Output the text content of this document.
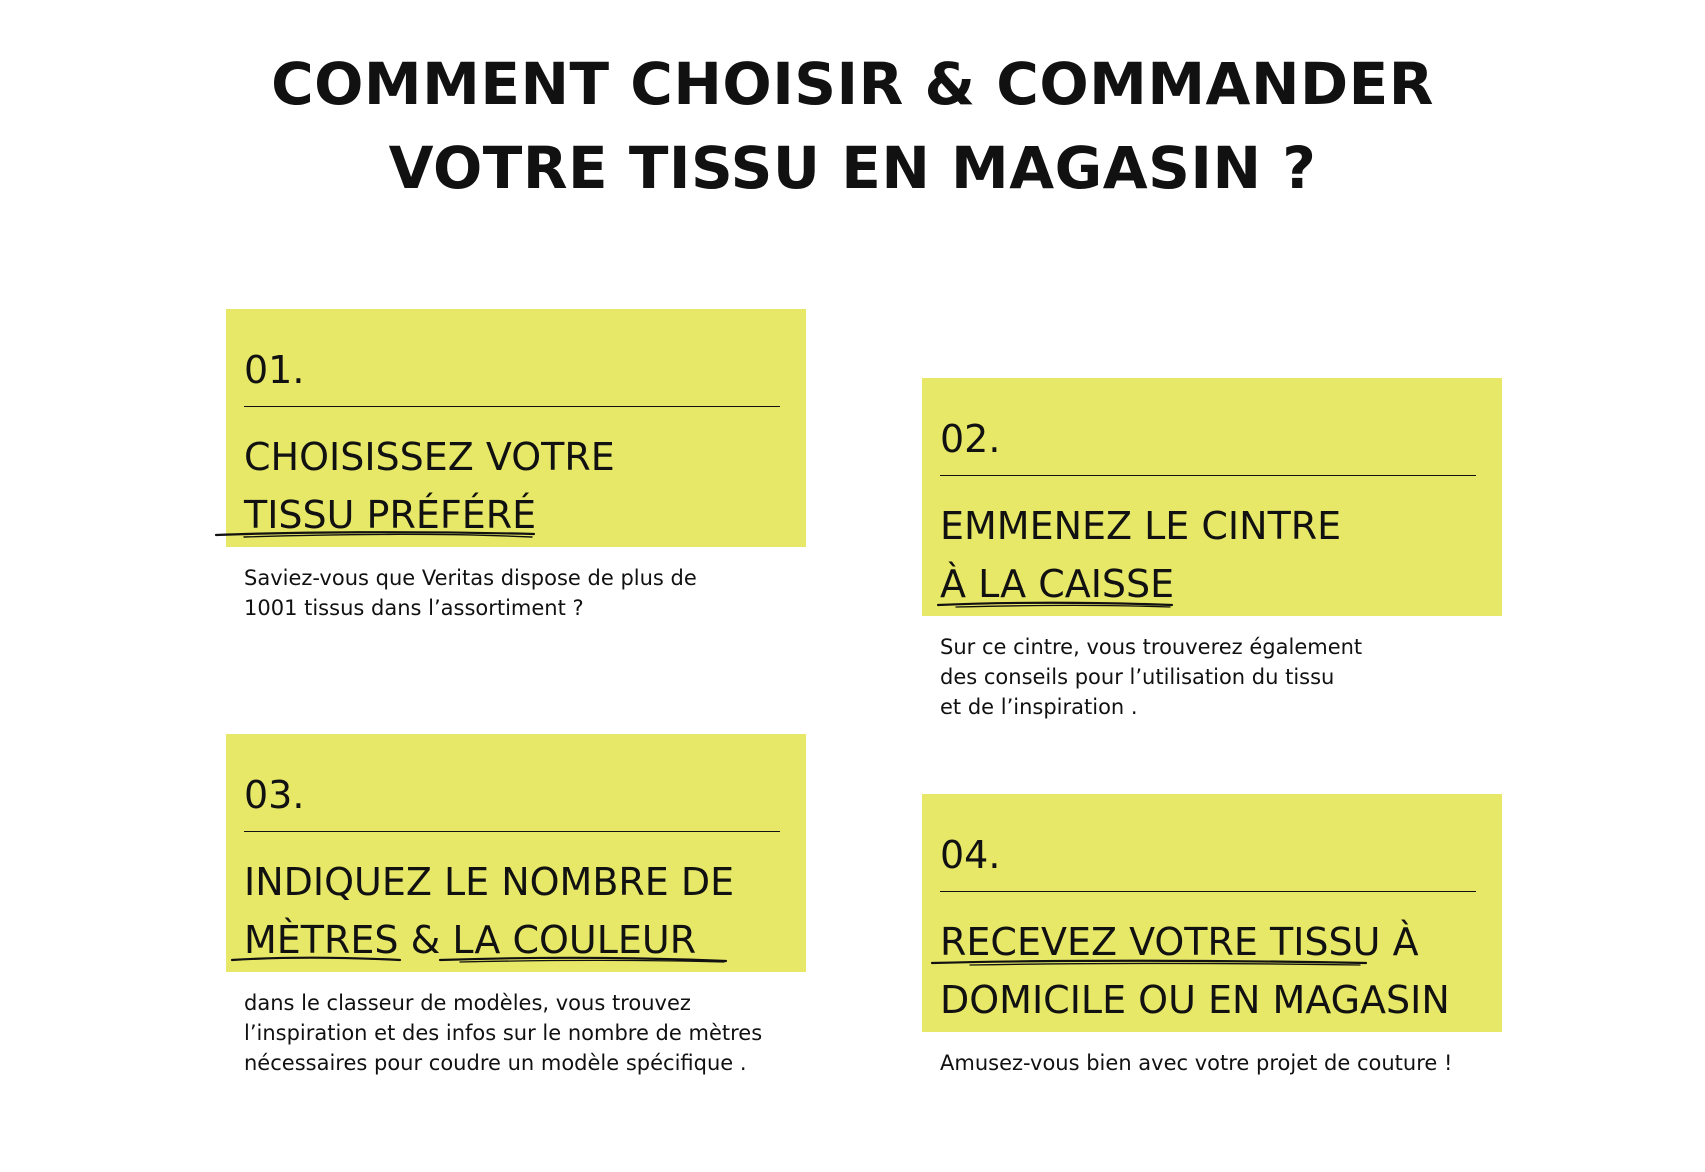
COMMENT CHOISIR & COMMANDER
VOTRE TISSU EN MAGASIN ?
01.
CHOISISSEZ VOTRE
TISSU PRÉFÉRÉ
Saviez-vous que Veritas dispose de plus de
1001 tissus dans l’assortiment ?
02.
EMMENEZ LE CINTRE
À LA CAISSE
Sur ce cintre, vous trouverez également
des conseils pour l’utilisation du tissu
et de l’inspiration .
03.
INDIQUEZ LE NOMBRE DE
MÈTRES & LA COULEUR
dans le classeur de modèles, vous trouvez
l’inspiration et des infos sur le nombre de mètres
nécessaires pour coudre un modèle spécifique .
04.
RECEVEZ VOTRE TISSU À
DOMICILE OU EN MAGASIN
Amusez-vous bien avec votre projet de couture !
